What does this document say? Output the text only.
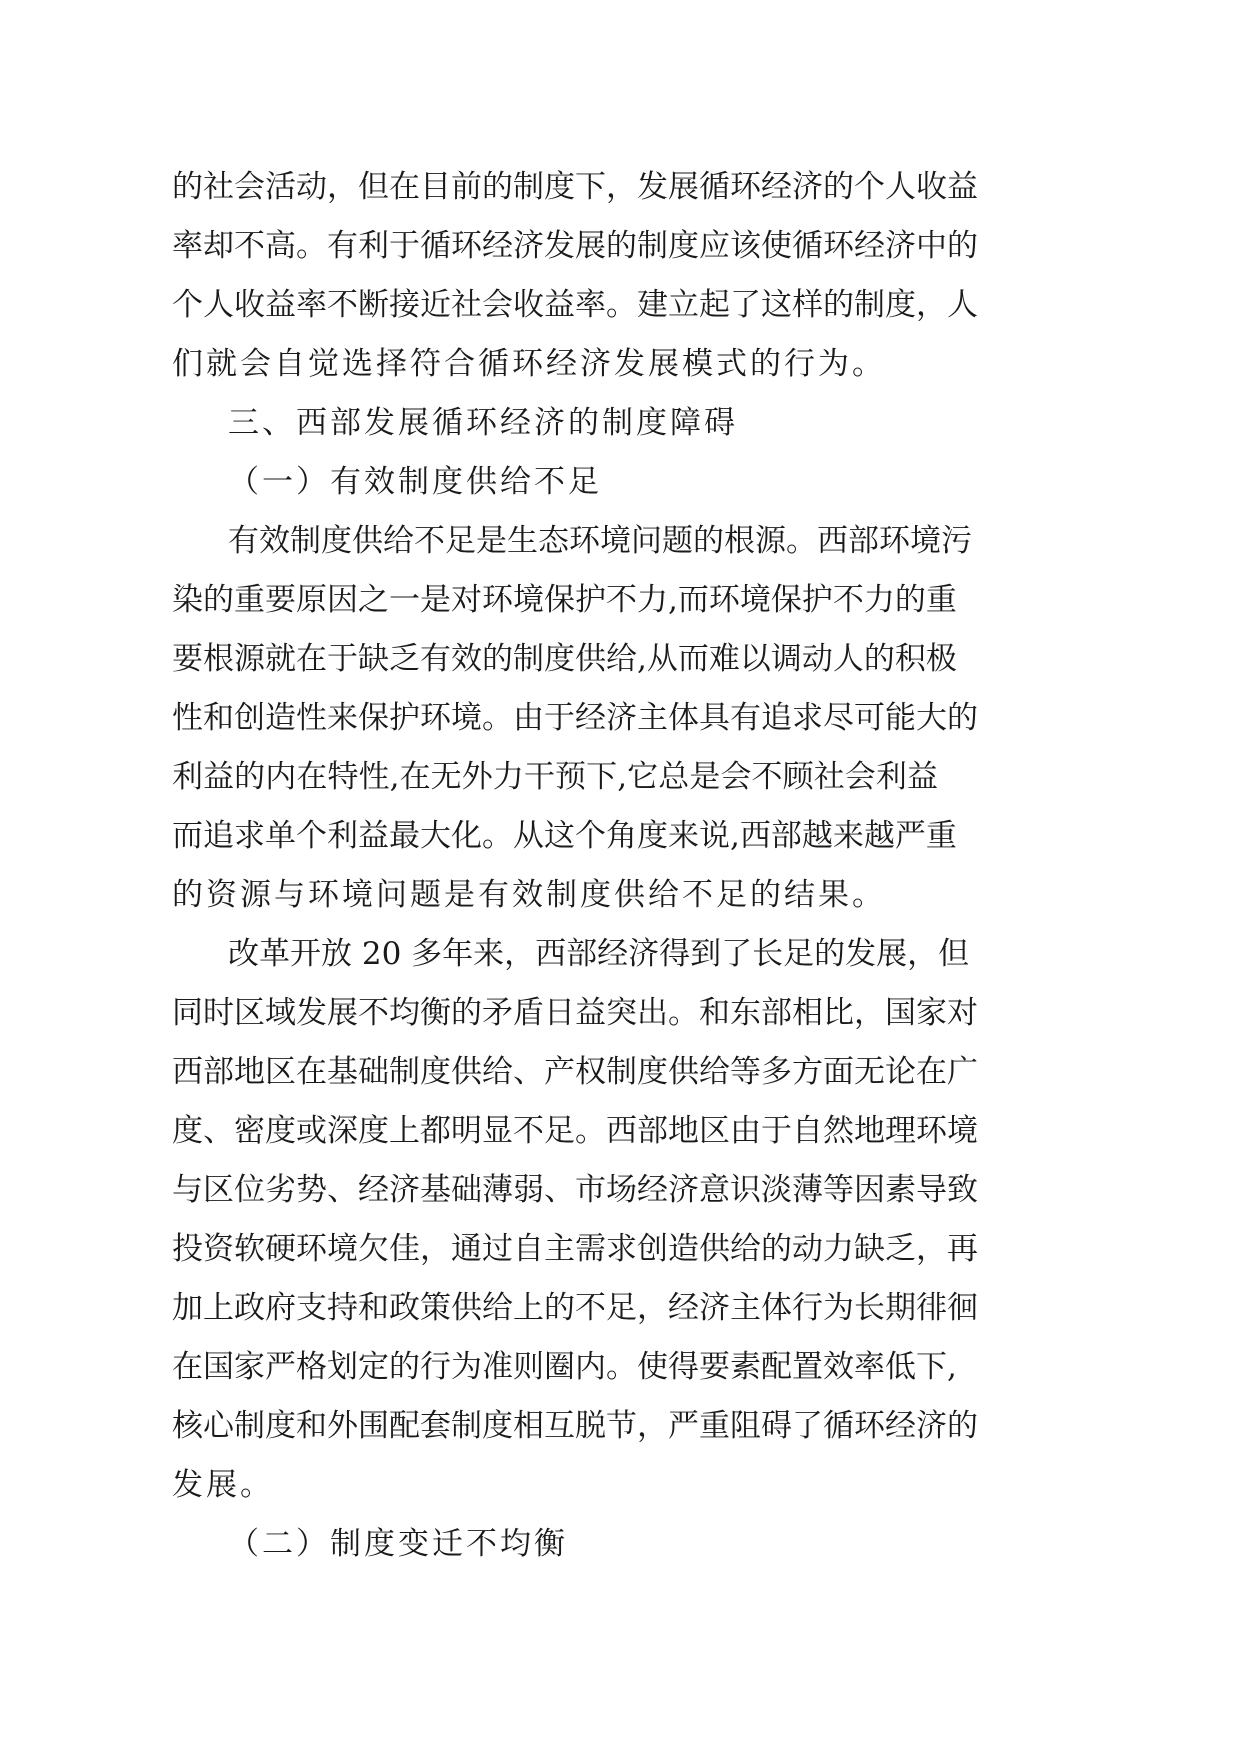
的社会活动，但在目前的制度下，发展循环经济的个人收益

率却不高。有利于循环经济发展的制度应该使循环经济中的

个人收益率不断接近社会收益率。建立起了这样的制度，人

们就会自觉选择符合循环经济发展模式的行为。

三、西部发展循环经济的制度障碍

（一）有效制度供给不足

有效制度供给不足是生态环境问题的根源。西部环境污

染的重要原因之一是对环境保护不力,而环境保护不力的重

要根源就在于缺乏有效的制度供给,从而难以调动人的积极

性和创造性来保护环境。由于经济主体具有追求尽可能大的

利益的内在特性,在无外力干预下,它总是会不顾社会利益

而追求单个利益最大化。从这个角度来说,西部越来越严重

的资源与环境问题是有效制度供给不足的结果。

改革开放 20 多年来，西部经济得到了长足的发展，但

同时区域发展不均衡的矛盾日益突出。和东部相比，国家对

西部地区在基础制度供给、产权制度供给等多方面无论在广

度、密度或深度上都明显不足。西部地区由于自然地理环境

与区位劣势、经济基础薄弱、市场经济意识淡薄等因素导致

投资软硬环境欠佳，通过自主需求创造供给的动力缺乏，再

加上政府支持和政策供给上的不足，经济主体行为长期徘徊

在国家严格划定的行为准则圈内。使得要素配置效率低下,

核心制度和外围配套制度相互脱节，严重阻碍了循环经济的

发展。

（二）制度变迁不均衡
